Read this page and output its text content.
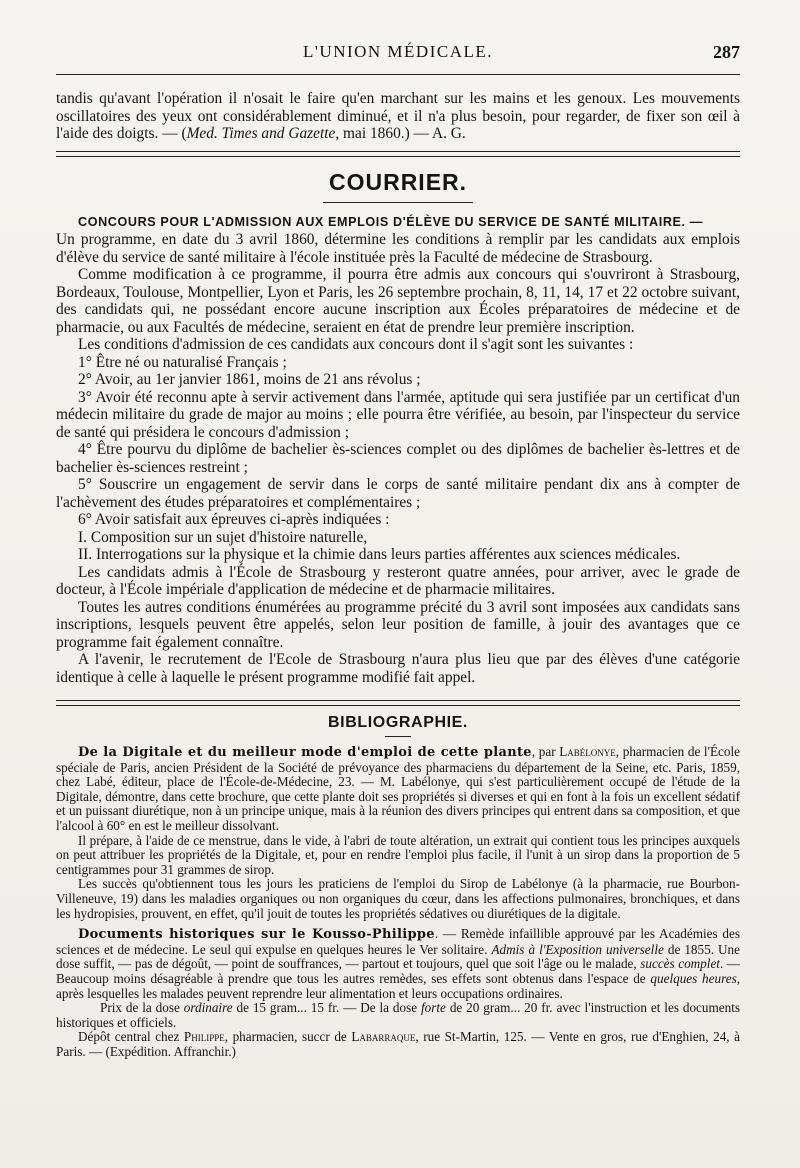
L'UNION MÉDICALE.	287

tandis qu'avant l'opération il n'osait le faire qu'en marchant sur les mains et les genoux. Les mouvements oscillatoires des yeux ont considérablement diminué, et il n'a plus besoin, pour regarder, de fixer son œil à l'aide des doigts. — (Med. Times and Gazette, mai 1860.) — A. G.

COURRIER.

CONCOURS POUR L'ADMISSION AUX EMPLOIS D'ÉLÈVE DU SERVICE DE SANTÉ MILITAIRE. —

Un programme, en date du 3 avril 1860, détermine les conditions à remplir par les candidats aux emplois d'élève du service de santé militaire à l'école instituée près la Faculté de médecine de Strasbourg.

Comme modification à ce programme, il pourra être admis aux concours qui s'ouvriront à Strasbourg, Bordeaux, Toulouse, Montpellier, Lyon et Paris, les 26 septembre prochain, 8, 11, 14, 17 et 22 octobre suivant, des candidats qui, ne possédant encore aucune inscription aux Écoles préparatoires de médecine et de pharmacie, ou aux Facultés de médecine, seraient en état de prendre leur première inscription.

Les conditions d'admission de ces candidats aux concours dont il s'agit sont les suivantes :

1° Être né ou naturalisé Français ;

2° Avoir, au 1er janvier 1861, moins de 21 ans révolus ;

3° Avoir été reconnu apte à servir activement dans l'armée, aptitude qui sera justifiée par un certificat d'un médecin militaire du grade de major au moins ; elle pourra être vérifiée, au besoin, par l'inspecteur du service de santé qui présidera le concours d'admission ;

4° Être pourvu du diplôme de bachelier ès-sciences complet ou des diplômes de bachelier ès-lettres et de bachelier ès-sciences restreint ;

5° Souscrire un engagement de servir dans le corps de santé militaire pendant dix ans à compter de l'achèvement des études préparatoires et complémentaires ;

6° Avoir satisfait aux épreuves ci-après indiquées :

I. Composition sur un sujet d'histoire naturelle,

II. Interrogations sur la physique et la chimie dans leurs parties afférentes aux sciences médicales.

Les candidats admis à l'École de Strasbourg y resteront quatre années, pour arriver, avec le grade de docteur, à l'École impériale d'application de médecine et de pharmacie militaires.

Toutes les autres conditions énumérées au programme précité du 3 avril sont imposées aux candidats sans inscriptions, lesquels peuvent être appelés, selon leur position de famille, à jouir des avantages que ce programme fait également connaître.

A l'avenir, le recrutement de l'Ecole de Strasbourg n'aura plus lieu que par des élèves d'une catégorie identique à celle à laquelle le présent programme modifié fait appel.

BIBLIOGRAPHIE.

De la Digitale et du meilleur mode d'emploi de cette plante, par Labélonye, pharmacien de l'École spéciale de Paris, ancien Président de la Société de prévoyance des pharmaciens du département de la Seine, etc. Paris, 1859, chez Labé, éditeur, place de l'École-de-Médecine, 23. — M. Labélonye, qui s'est particulièrement occupé de l'étude de la Digitale, démontre, dans cette brochure, que cette plante doit ses propriétés si diverses et qui en font à la fois un excellent sédatif et un puissant diurétique, non à un principe unique, mais à la réunion des divers principes qui entrent dans sa composition, et que l'alcool à 60° en est le meilleur dissolvant.

Il prépare, à l'aide de ce menstrue, dans le vide, à l'abri de toute altération, un extrait qui contient tous les principes auxquels on peut attribuer les propriétés de la Digitale, et, pour en rendre l'emploi plus facile, il l'unit à un sirop dans la proportion de 5 centigrammes pour 31 grammes de sirop.

Les succès qu'obtiennent tous les jours les praticiens de l'emploi du Sirop de Labélonye (à la pharmacie, rue Bourbon-Villeneuve, 19) dans les maladies organiques ou non organiques du cœur, dans les affections pulmonaires, bronchiques, et dans les hydropisies, prouvent, en effet, qu'il jouit de toutes les propriétés sédatives ou diurétiques de la digitale.

Documents historiques sur le Kousso-Philippe. — Remède infaillible approuvé par les Académies des sciences et de médecine. Le seul qui expulse en quelques heures le Ver solitaire. Admis à l'Exposition universelle de 1855. Une dose suffit, — pas de dégoût, — point de souffrances, — partout et toujours, quel que soit l'âge ou le malade, succès complet. — Beaucoup moins désagréable à prendre que tous les autres remèdes, ses effets sont obtenus dans l'espace de quelques heures, après lesquelles les malades peuvent reprendre leur alimentation et leurs occupations ordinaires.

Prix de la dose ordinaire de 15 gram... 15 fr. — De la dose forte de 20 gram... 20 fr. avec l'instruction et les documents historiques et officiels.

Dépôt central chez Philippe, pharmacien, succr de Labarraque, rue St-Martin, 125. — Vente en gros, rue d'Enghien, 24, à Paris. — (Expédition. Affranchir.)
